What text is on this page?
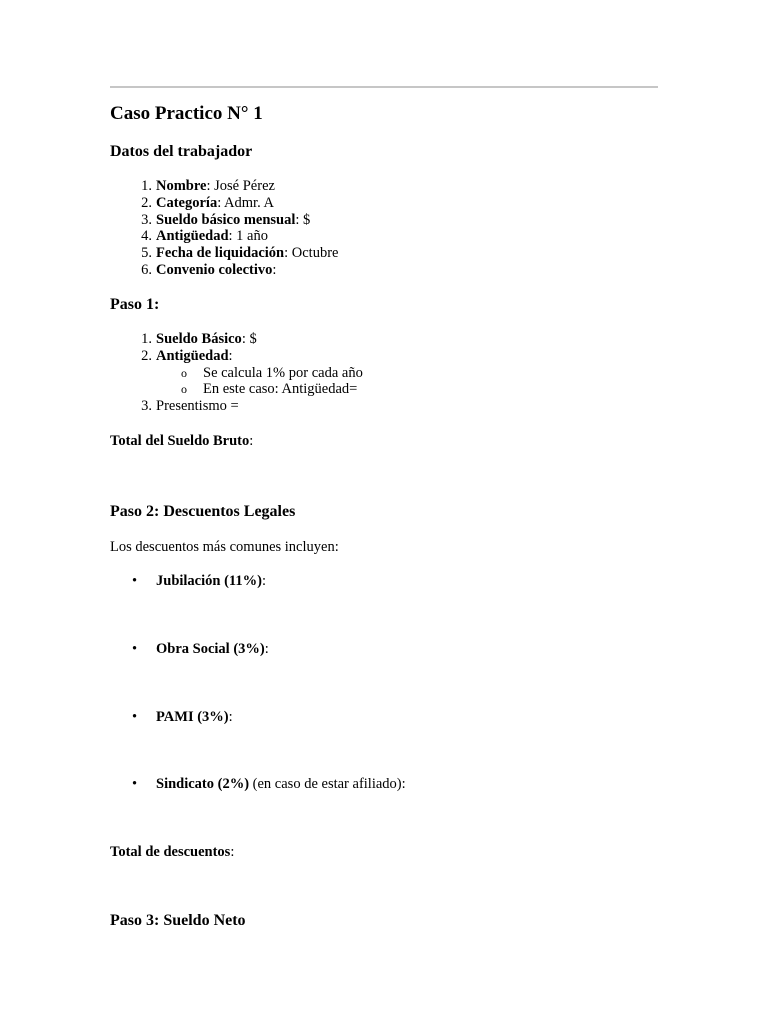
Caso Practico N° 1
Datos del trabajador
1. Nombre: José Pérez
2. Categoría: Admr. A
3. Sueldo básico mensual: $
4. Antigüedad: 1 año
5. Fecha de liquidación: Octubre
6. Convenio colectivo:
Paso 1:
1. Sueldo Básico: $
2. Antigüedad:
o Se calcula 1% por cada año
o En este caso: Antigüedad=
3. Presentismo =
Total del Sueldo Bruto:
Paso 2: Descuentos Legales
Los descuentos más comunes incluyen:
• Jubilación (11%):
• Obra Social (3%):
• PAMI (3%):
• Sindicato (2%) (en caso de estar afiliado):
Total de descuentos:
Paso 3: Sueldo Neto
